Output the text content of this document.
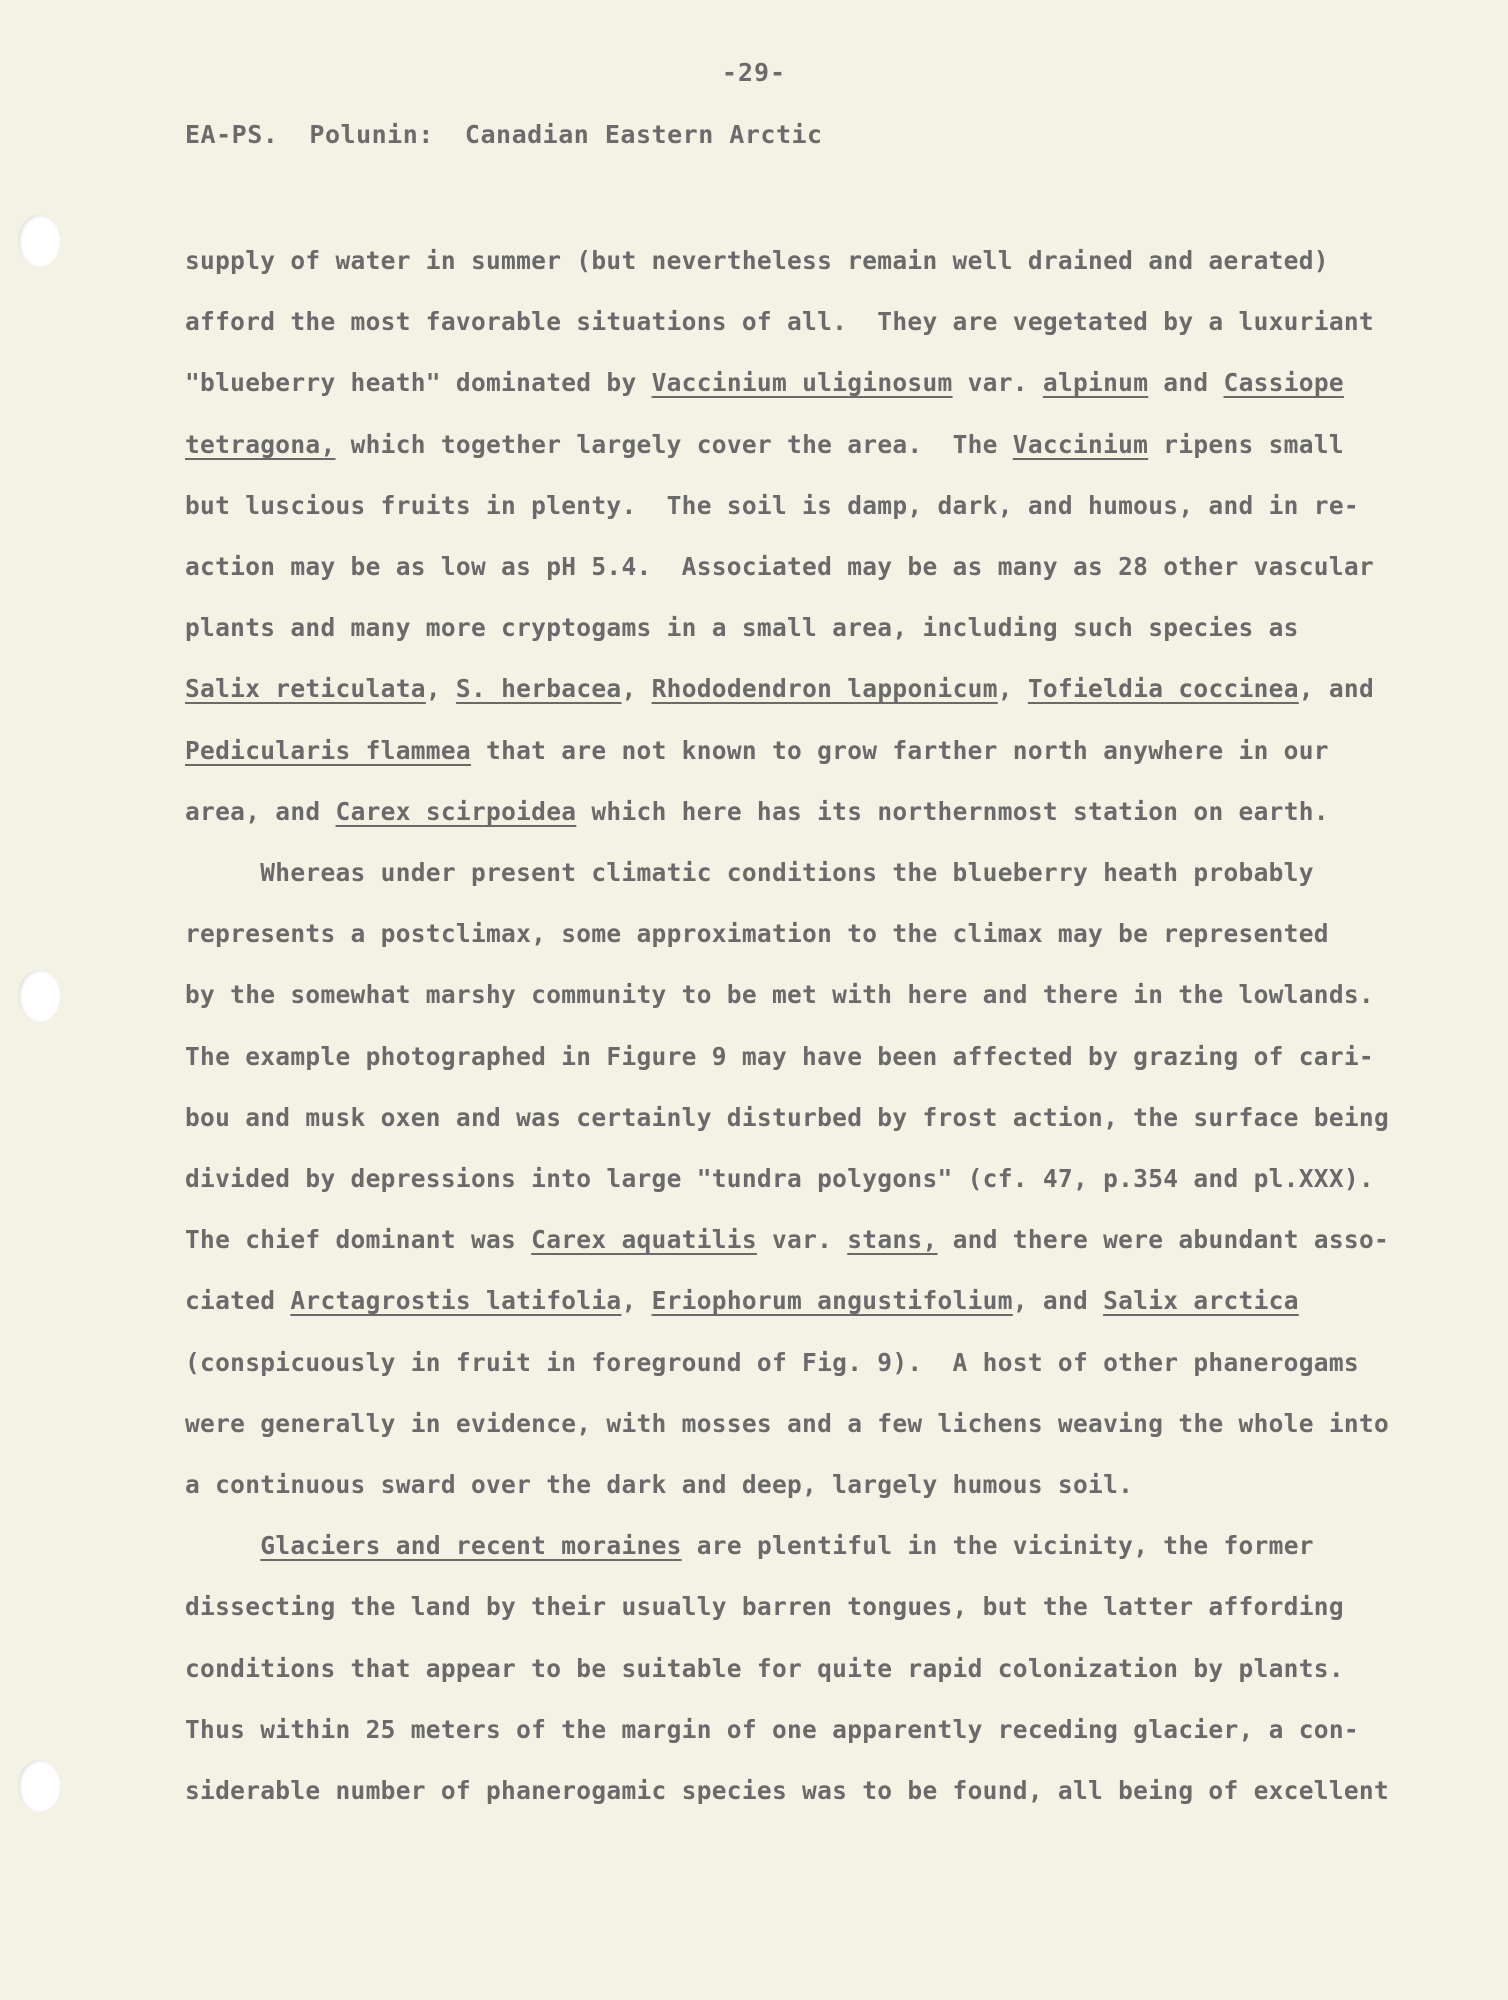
-29-
EA-PS.  Polunin:  Canadian Eastern Arctic
supply of water in summer (but nevertheless remain well drained and aerated)
afford the most favorable situations of all.  They are vegetated by a luxuriant
"blueberry heath" dominated by Vaccinium uliginosum var. alpinum and Cassiope
tetragona, which together largely cover the area.  The Vaccinium ripens small
but luscious fruits in plenty.  The soil is damp, dark, and humous, and in re-
action may be as low as pH 5.4.  Associated may be as many as 28 other vascular
plants and many more cryptogams in a small area, including such species as
Salix reticulata, S. herbacea, Rhododendron lapponicum, Tofieldia coccinea, and
Pedicularis flammea that are not known to grow farther north anywhere in our
area, and Carex scirpoidea which here has its northernmost station on earth.
Whereas under present climatic conditions the blueberry heath probably
represents a postclimax, some approximation to the climax may be represented
by the somewhat marshy community to be met with here and there in the lowlands.
The example photographed in Figure 9 may have been affected by grazing of cari-
bou and musk oxen and was certainly disturbed by frost action, the surface being
divided by depressions into large "tundra polygons" (cf. 47, p.354 and pl.XXX).
The chief dominant was Carex aquatilis var. stans, and there were abundant asso-
ciated Arctagrostis latifolia, Eriophorum angustifolium, and Salix arctica
(conspicuously in fruit in foreground of Fig. 9).  A host of other phanerogams
were generally in evidence, with mosses and a few lichens weaving the whole into
a continuous sward over the dark and deep, largely humous soil.
Glaciers and recent moraines are plentiful in the vicinity, the former
dissecting the land by their usually barren tongues, but the latter affording
conditions that appear to be suitable for quite rapid colonization by plants.
Thus within 25 meters of the margin of one apparently receding glacier, a con-
siderable number of phanerogamic species was to be found, all being of excellent
